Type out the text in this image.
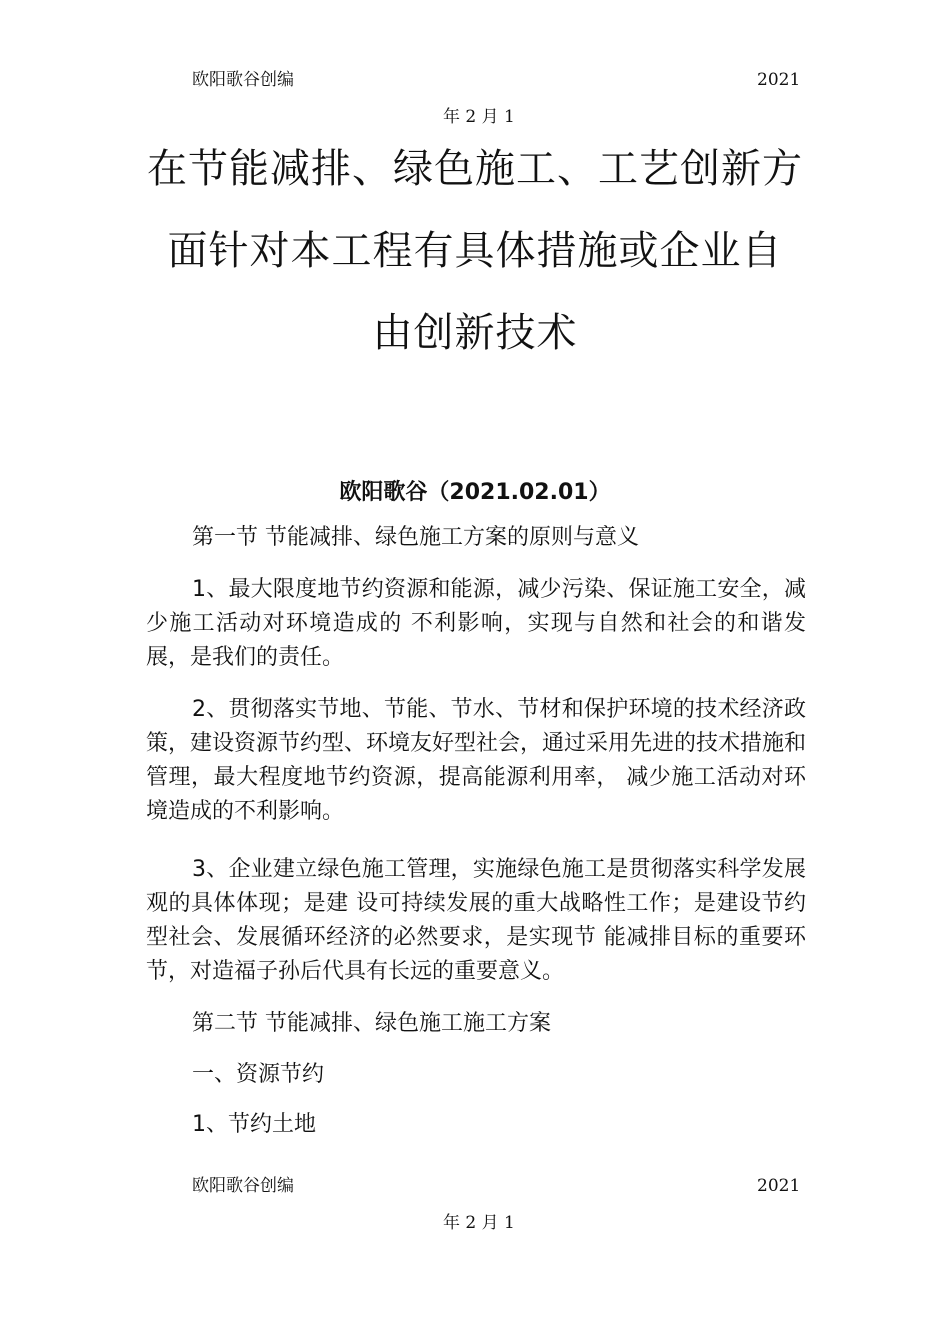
欧阳歌谷创编	2021
年 2 月 1
在节能减排、绿色施工、工艺创新方
面针对本工程有具体措施或企业自
由创新技术
欧阳歌谷（2021.02.01）

第一节 节能减排、绿色施工方案的原则与意义

1、最大限度地节约资源和能源，减少污染、保证施工安全，减少施工活动对环境造成的 不利影响，实现与自然和社会的和谐发展，是我们的责任。

2、贯彻落实节地、节能、节水、节材和保护环境的技术经济政策，建设资源节约型、环境友好型社会，通过采用先进的技术措施和管理，最大程度地节约资源，提高能源利用率， 减少施工活动对环境造成的不利影响。

3、企业建立绿色施工管理，实施绿色施工是贯彻落实科学发展观的具体体现；是建 设可持续发展的重大战略性工作；是建设节约型社会、发展循环经济的必然要求，是实现节 能减排目标的重要环节，对造福子孙后代具有长远的重要意义。

第二节 节能减排、绿色施工施工方案

一、资源节约

1、节约土地

欧阳歌谷创编	2021
年 2 月 1
